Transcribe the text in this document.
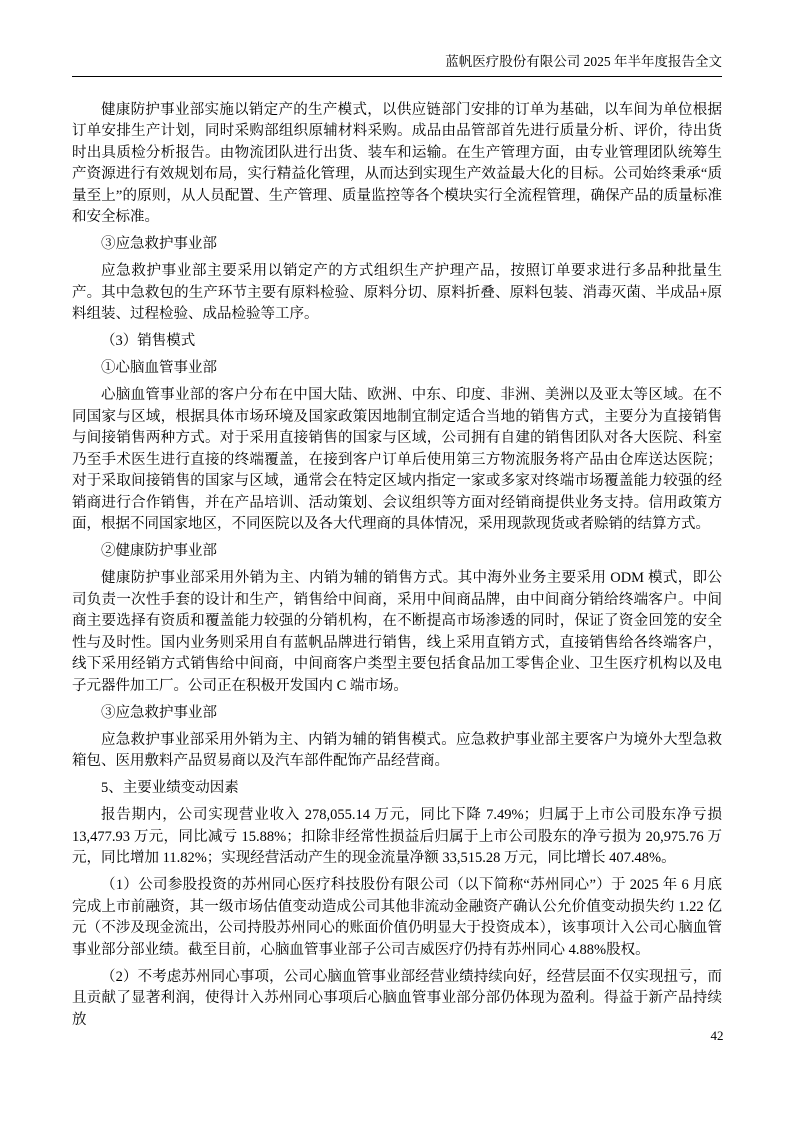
蓝帆医疗股份有限公司 2025 年半年度报告全文

健康防护事业部实施以销定产的生产模式，以供应链部门安排的订单为基础，以车间为单位根据订单安排生产计划，同时采购部组织原辅材料采购。成品由品管部首先进行质量分析、评价，待出货时出具质检分析报告。由物流团队进行出货、装车和运输。在生产管理方面，由专业管理团队统筹生产资源进行有效规划布局，实行精益化管理，从而达到实现生产效益最大化的目标。公司始终秉承“质量至上”的原则，从人员配置、生产管理、质量监控等各个模块实行全流程管理，确保产品的质量标准和安全标准。

③应急救护事业部

应急救护事业部主要采用以销定产的方式组织生产护理产品，按照订单要求进行多品种批量生产。其中急救包的生产环节主要有原料检验、原料分切、原料折叠、原料包装、消毒灭菌、半成品+原料组装、过程检验、成品检验等工序。

（3）销售模式

①心脑血管事业部

心脑血管事业部的客户分布在中国大陆、欧洲、中东、印度、非洲、美洲以及亚太等区域。在不同国家与区域，根据具体市场环境及国家政策因地制宜制定适合当地的销售方式，主要分为直接销售与间接销售两种方式。对于采用直接销售的国家与区域，公司拥有自建的销售团队对各大医院、科室乃至手术医生进行直接的终端覆盖，在接到客户订单后使用第三方物流服务将产品由仓库送达医院；对于采取间接销售的国家与区域，通常会在特定区域内指定一家或多家对终端市场覆盖能力较强的经销商进行合作销售，并在产品培训、活动策划、会议组织等方面对经销商提供业务支持。信用政策方面，根据不同国家地区，不同医院以及各大代理商的具体情况，采用现款现货或者赊销的结算方式。

②健康防护事业部

健康防护事业部采用外销为主、内销为辅的销售方式。其中海外业务主要采用 ODM 模式，即公司负责一次性手套的设计和生产，销售给中间商，采用中间商品牌，由中间商分销给终端客户。中间商主要选择有资质和覆盖能力较强的分销机构，在不断提高市场渗透的同时，保证了资金回笼的安全性与及时性。国内业务则采用自有蓝帆品牌进行销售，线上采用直销方式，直接销售给各终端客户，线下采用经销方式销售给中间商，中间商客户类型主要包括食品加工零售企业、卫生医疗机构以及电子元器件加工厂。公司正在积极开发国内 C 端市场。

③应急救护事业部

应急救护事业部采用外销为主、内销为辅的销售模式。应急救护事业部主要客户为境外大型急救箱包、医用敷料产品贸易商以及汽车部件配饰产品经营商。

5、主要业绩变动因素

报告期内，公司实现营业收入 278,055.14 万元，同比下降 7.49%；归属于上市公司股东净亏损 13,477.93 万元，同比减亏 15.88%；扣除非经常性损益后归属于上市公司股东的净亏损为 20,975.76 万元，同比增加 11.82%；实现经营活动产生的现金流量净额 33,515.28 万元，同比增长 407.48%。

（1）公司参股投资的苏州同心医疗科技股份有限公司（以下简称“苏州同心”）于 2025 年 6 月底完成上市前融资，其一级市场估值变动造成公司其他非流动金融资产确认公允价值变动损失约 1.22 亿元（不涉及现金流出，公司持股苏州同心的账面价值仍明显大于投资成本），该事项计入公司心脑血管事业部分部业绩。截至目前，心脑血管事业部子公司吉威医疗仍持有苏州同心 4.88%股权。

（2）不考虑苏州同心事项，公司心脑血管事业部经营业绩持续向好，经营层面不仅实现扭亏，而且贡献了显著利润，使得计入苏州同心事项后心脑血管事业部分部仍体现为盈利。得益于新产品持续放

42
